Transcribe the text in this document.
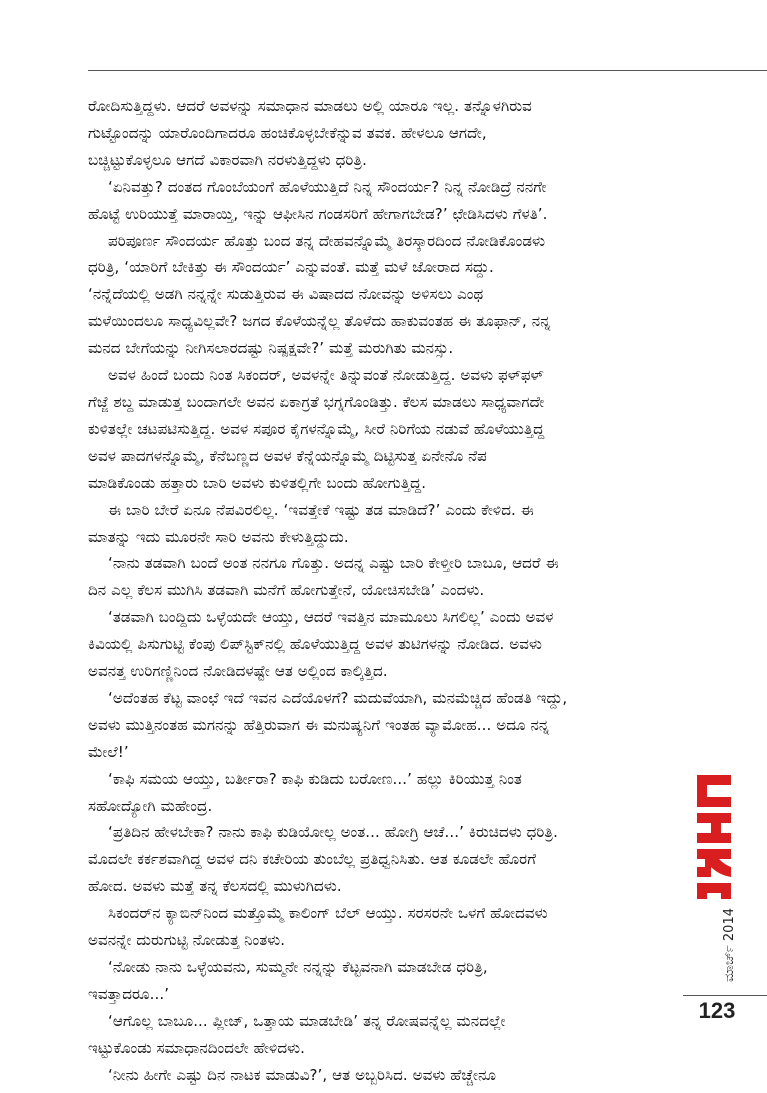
ರೋದಿಸುತ್ತಿದ್ದಳು. ಆದರೆ ಅವಳನ್ನು ಸಮಾಧಾನ ಮಾಡಲು ಅಲ್ಲಿ ಯಾರೂ ಇಲ್ಲ. ತನ್ನೊಳಗಿರುವ
ಗುಟ್ಟೊಂದನ್ನು ಯಾರೊಂದಿಗಾದರೂ ಹಂಚಿಕೊಳ್ಳಬೇಕೆನ್ನುವ ತವಕ. ಹೇಳಲೂ ಆಗದೇ,
ಬಚ್ಚಿಟ್ಟುಕೊಳ್ಳಲೂ ಆಗದೆ ವಿಕಾರವಾಗಿ ನರಳುತ್ತಿದ್ದಳು ಧರಿತ್ರಿ.

‘ಏನಿವತ್ತು? ದಂತದ ಗೊಂಬೆಯಂಗೆ ಹೊಳೆಯುತ್ತಿದೆ ನಿನ್ನ ಸೌಂದರ್ಯ? ನಿನ್ನ ನೋಡಿದ್ರೆ ನನಗೇ
ಹೊಟ್ಟೆ ಉರಿಯುತ್ತೆ ಮಾರಾಯ್ತಿ, ಇನ್ನು ಆಫೀಸಿನ ಗಂಡಸರಿಗೆ ಹೇಗಾಗಬೇಡ?’ ಛೇಡಿಸಿದಳು ಗೆಳತಿ’.

ಪರಿಪೂರ್ಣ ಸೌಂದರ್ಯ ಹೊತ್ತು ಬಂದ ತನ್ನ ದೇಹವನ್ನೊಮ್ಮೆ ತಿರಸ್ಕಾರದಿಂದ ನೋಡಿಕೊಂಡಳು
ಧರಿತ್ರಿ, ‘ಯಾರಿಗೆ ಬೇಕಿತ್ತು ಈ ಸೌಂದರ್ಯ’ ಎನ್ನುವಂತೆ. ಮತ್ತೆ ಮಳೆ ಜೋರಾದ ಸದ್ದು.

‘ನನ್ನೆದೆಯಲ್ಲಿ ಅಡಗಿ ನನ್ನನ್ನೇ ಸುಡುತ್ತಿರುವ ಈ ವಿಷಾದದ ನೋವನ್ನು ಅಳಿಸಲು ಎಂಥ
ಮಳೆಯಿಂದಲೂ ಸಾಧ್ಯವಿಲ್ಲವೇ? ಜಗದ ಕೊಳೆಯನ್ನೆಲ್ಲ ತೊಳೆದು ಹಾಕುವಂತಹ ಈ ತೂಫಾನ್, ನನ್ನ
ಮನದ ಬೇಗೆಯನ್ನು ನೀಗಿಸಲಾರದಷ್ಟು ನಿಷ್ಪಕ್ಷವೇ?’ ಮತ್ತೆ ಮರುಗಿತು ಮನಸ್ಸು.

ಅವಳ ಹಿಂದೆ ಬಂದು ನಿಂತ ಸಿಕಂದರ್, ಅವಳನ್ನೇ ತಿನ್ನುವಂತೆ ನೋಡುತ್ತಿದ್ದ. ಅವಳು ಫಳ್‌ಫಳ್
ಗೆಜ್ಜೆ ಶಬ್ದ ಮಾಡುತ್ತ ಬಂದಾಗಲೇ ಅವನ ಏಕಾಗ್ರತೆ ಭಗ್ನಗೊಂಡಿತ್ತು. ಕೆಲಸ ಮಾಡಲು ಸಾಧ್ಯವಾಗದೇ
ಕುಳಿತಲ್ಲೇ ಚಟಪಟಿಸುತ್ತಿದ್ದ. ಅವಳ ಸಪೂರ ಕೈಗಳನ್ನೊಮ್ಮೆ, ಸೀರೆ ನಿರಿಗೆಯ ನಡುವೆ ಹೊಳೆಯುತ್ತಿದ್ದ
ಅವಳ ಪಾದಗಳನ್ನೊಮ್ಮೆ, ಕೆನೆಬಣ್ಣದ ಅವಳ ಕೆನ್ನೆಯನ್ನೊಮ್ಮೆ ದಿಟ್ಟಿಸುತ್ತ ಏನೇನೊ ನೆಪ
ಮಾಡಿಕೊಂಡು ಹತ್ತಾರು ಬಾರಿ ಅವಳು ಕುಳಿತಲ್ಲಿಗೇ ಬಂದು ಹೋಗುತ್ತಿದ್ದ.

ಈ ಬಾರಿ ಬೇರೆ ಏನೂ ನೆಪವಿರಲಿಲ್ಲ. ‘ಇವತ್ತೇಕೆ ಇಷ್ಟು ತಡ ಮಾಡಿದೆ?’ ಎಂದು ಕೇಳಿದ. ಈ
ಮಾತನ್ನು ಇದು ಮೂರನೇ ಸಾರಿ ಅವನು ಕೇಳುತ್ತಿದ್ದುದು.

‘ನಾನು ತಡವಾಗಿ ಬಂದೆ ಅಂತ ನನಗೂ ಗೊತ್ತು. ಅದನ್ನ ಎಷ್ಟು ಬಾರಿ ಕೇಳ್ತೀರಿ ಬಾಬೂ, ಆದರೆ ಈ
ದಿನ ಎಲ್ಲ ಕೆಲಸ ಮುಗಿಸಿ ತಡವಾಗಿ ಮನೆಗೆ ಹೋಗುತ್ತೇನೆ, ಯೋಚಿಸಬೇಡಿ’ ಎಂದಳು.

‘ತಡವಾಗಿ ಬಂದ್ದಿದು ಒಳ್ಳೆಯದೇ ಆಯ್ತು, ಆದರೆ ಇವತ್ತಿನ ಮಾಮೂಲು ಸಿಗಲಿಲ್ಲ’ ಎಂದು ಅವಳ
ಕಿವಿಯಲ್ಲಿ ಪಿಸುಗುಟ್ಟಿ ಕೆಂಪು ಲಿಪ್‌ಸ್ಟಿಕ್‌ನಲ್ಲಿ ಹೊಳೆಯುತ್ತಿದ್ದ ಅವಳ ತುಟಿಗಳನ್ನು ನೋಡಿದ. ಅವಳು
ಅವನತ್ತ ಉರಿಗಣ್ಣಿನಿಂದ ನೋಡಿದಳಷ್ಟೇ ಆತ ಅಲ್ಲಿಂದ ಕಾಲ್ಕಿತ್ತಿದ.

‘ಅದೆಂತಹ ಕೆಟ್ಟ ವಾಂಛೆ ಇದೆ ಇವನ ಎದೆಯೊಳಗೆ? ಮದುವೆಯಾಗಿ, ಮನಮೆಚ್ಚಿದ ಹೆಂಡತಿ ಇದ್ದು,
ಅವಳು ಮುತ್ತಿನಂತಹ ಮಗನನ್ನು ಹೆತ್ತಿರುವಾಗ ಈ ಮನುಷ್ಯನಿಗೆ ಇಂತಹ ವ್ಯಾಮೋಹ... ಅದೂ ನನ್ನ
ಮೇಲೆ!’

‘ಕಾಫಿ ಸಮಯ ಆಯ್ತು, ಬರ್ತೀರಾ? ಕಾಫಿ ಕುಡಿದು ಬರೋಣ...’ ಹಲ್ಲು ಕಿರಿಯುತ್ತ ನಿಂತ
ಸಹೋದ್ಯೋಗಿ ಮಹೇಂದ್ರ.

‘ಪ್ರತಿದಿನ ಹೇಳಬೇಕಾ? ನಾನು ಕಾಫಿ ಕುಡಿಯೋಲ್ಲ ಅಂತ... ಹೋಗ್ರಿ ಆಚೆ...’ ಕಿರುಚಿದಳು ಧರಿತ್ರಿ.
ಮೊದಲೇ ಕರ್ಕಶವಾಗಿದ್ದ ಅವಳ ದನಿ ಕಚೇರಿಯ ತುಂಬೆಲ್ಲ ಪ್ರತಿಧ್ವನಿಸಿತು. ಆತ ಕೂಡಲೇ ಹೊರಗೆ
ಹೋದ. ಅವಳು ಮತ್ತೆ ತನ್ನ ಕೆಲಸದಲ್ಲಿ ಮುಳುಗಿದಳು.

ಸಿಕಂದರ್‌ನ ಕ್ಯಾಬಿನ್‌ನಿಂದ ಮತ್ತೊಮ್ಮೆ ಕಾಲಿಂಗ್ ಬೆಲ್ ಆಯ್ತು. ಸರಸರನೇ ಒಳಗೆ ಹೋದವಳು
ಅವನನ್ನೇ ದುರುಗುಟ್ಟಿ ನೋಡುತ್ತ ನಿಂತಳು.

‘ನೋಡು ನಾನು ಒಳ್ಳೆಯವನು, ಸುಮ್ಮನೇ ನನ್ನನ್ನು ಕೆಟ್ಟವನಾಗಿ ಮಾಡಬೇಡ ಧರಿತ್ರಿ,
ಇವತ್ತಾದರೂ...’

‘ಆಗೊಲ್ಲ ಬಾಬೂ... ಪ್ಲೀಜ್, ಒತ್ತಾಯ ಮಾಡಬೇಡಿ’ ತನ್ನ ರೋಷವನ್ನೆಲ್ಲ ಮನದಲ್ಲೇ
ಇಟ್ಟುಕೊಂಡು ಸಮಾಧಾನದಿಂದಲೇ ಹೇಳಿದಳು.

‘ನೀನು ಹೀಗೇ ಎಷ್ಟು ದಿನ ನಾಟಕ ಮಾಡುವಿ?’, ಆತ ಅಬ್ಬರಿಸಿದ. ಅವಳು ಹೆಚ್ಚೇನೂ

ಮಾರ್ಚ್ 2014
123
